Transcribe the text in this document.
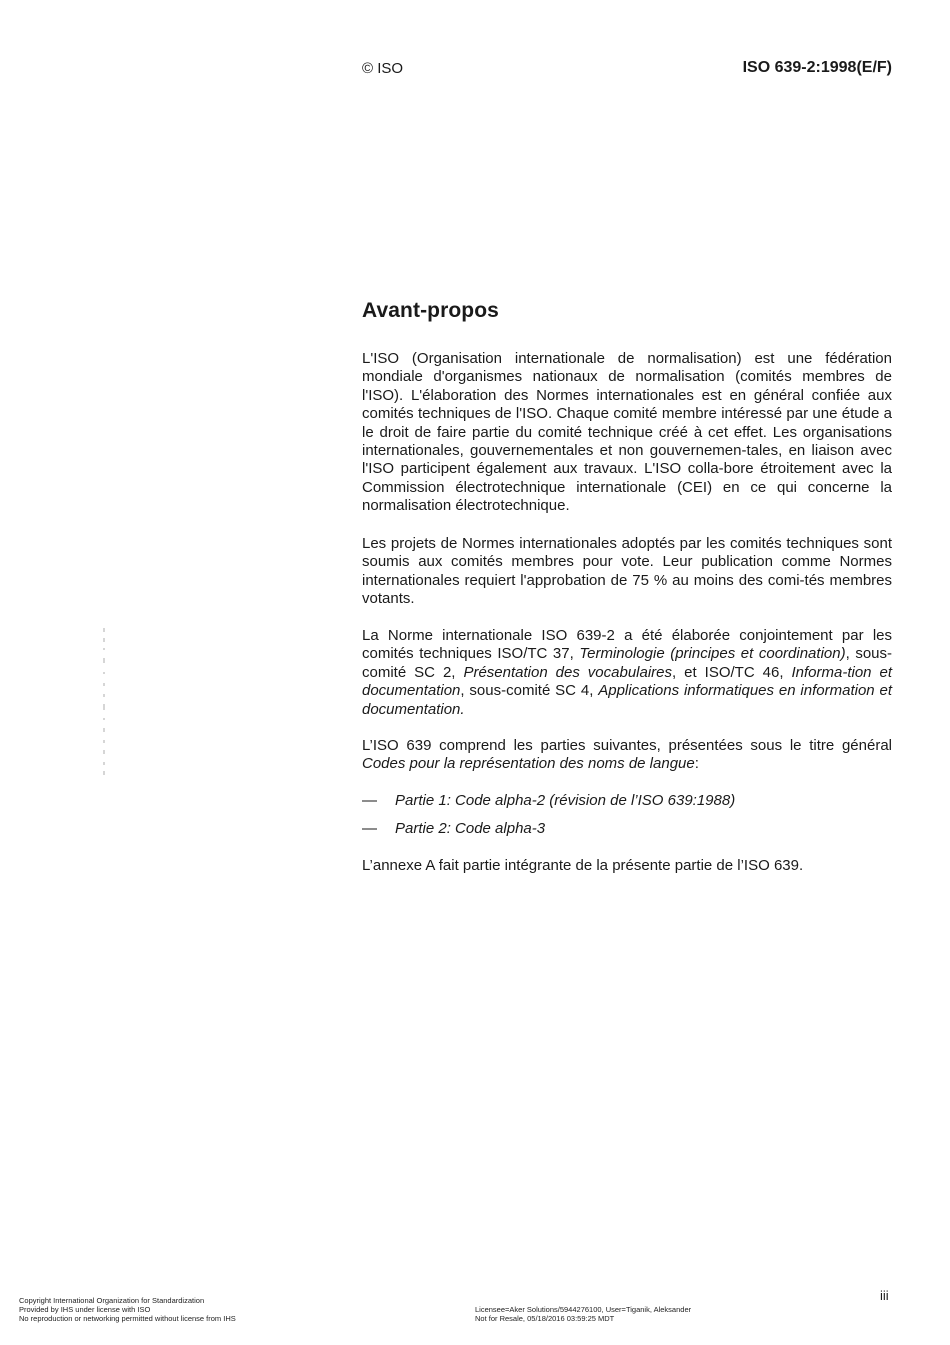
© ISO	ISO 639-2:1998(E/F)
Avant-propos

L'ISO (Organisation internationale de normalisation) est une fédération mondiale d'organismes nationaux de normalisation (comités membres de l'ISO). L'élaboration des Normes internationales est en général confiée aux comités techniques de l'ISO. Chaque comité membre intéressé par une étude a le droit de faire partie du comité technique créé à cet effet. Les organisations internationales, gouvernementales et non gouvernemen-tales, en liaison avec l'ISO participent également aux travaux. L'ISO colla-bore étroitement avec la Commission électrotechnique internationale (CEI) en ce qui concerne la normalisation électrotechnique.

Les projets de Normes internationales adoptés par les comités techniques sont soumis aux comités membres pour vote. Leur publication comme Normes internationales requiert l'approbation de 75 % au moins des comi-tés membres votants.

La Norme internationale ISO 639-2 a été élaborée conjointement par les comités techniques ISO/TC 37, Terminologie (principes et coordination), sous-comité SC 2, Présentation des vocabulaires, et ISO/TC 46, Informa-tion et documentation, sous-comité SC 4, Applications informatiques en information et documentation.

L’ISO 639 comprend les parties suivantes, présentées sous le titre général Codes pour la représentation des noms de langue:

— Partie 1: Code alpha-2 (révision de l’ISO 639:1988)
— Partie 2: Code alpha-3
L’annexe A fait partie intégrante de la présente partie de l’ISO 639.
iii
Copyright International Organization for Standardization
Provided by IHS under license with ISO
No reproduction or networking permitted without license from IHS
Licensee=Aker Solutions/5944276100, User=Tiganik, Aleksander
Not for Resale, 05/18/2016 03:59:25 MDT
